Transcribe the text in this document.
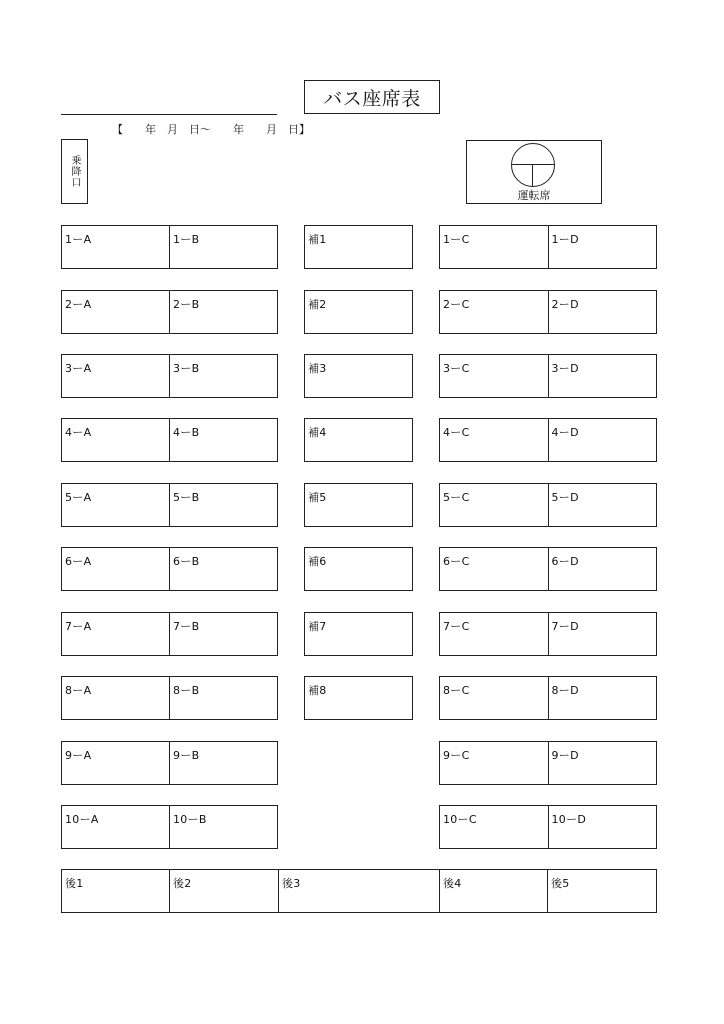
バス座席表
【　　年　月　日～　　年　　月　日】
乗降口
運転席
1ーA	1ーB	補1	1ーC	1ーD
2ーA	2ーB	補2	2ーC	2ーD
3ーA	3ーB	補3	3ーC	3ーD
4ーA	4ーB	補4	4ーC	4ーD
5ーA	5ーB	補5	5ーC	5ーD
6ーA	6ーB	補6	6ーC	6ーD
7ーA	7ーB	補7	7ーC	7ーD
8ーA	8ーB	補8	8ーC	8ーD
9ーA	9ーB	9ーC	9ーD
10ーA	10ーB	10ーC	10ーD
後1	後2	後3	後4	後5
